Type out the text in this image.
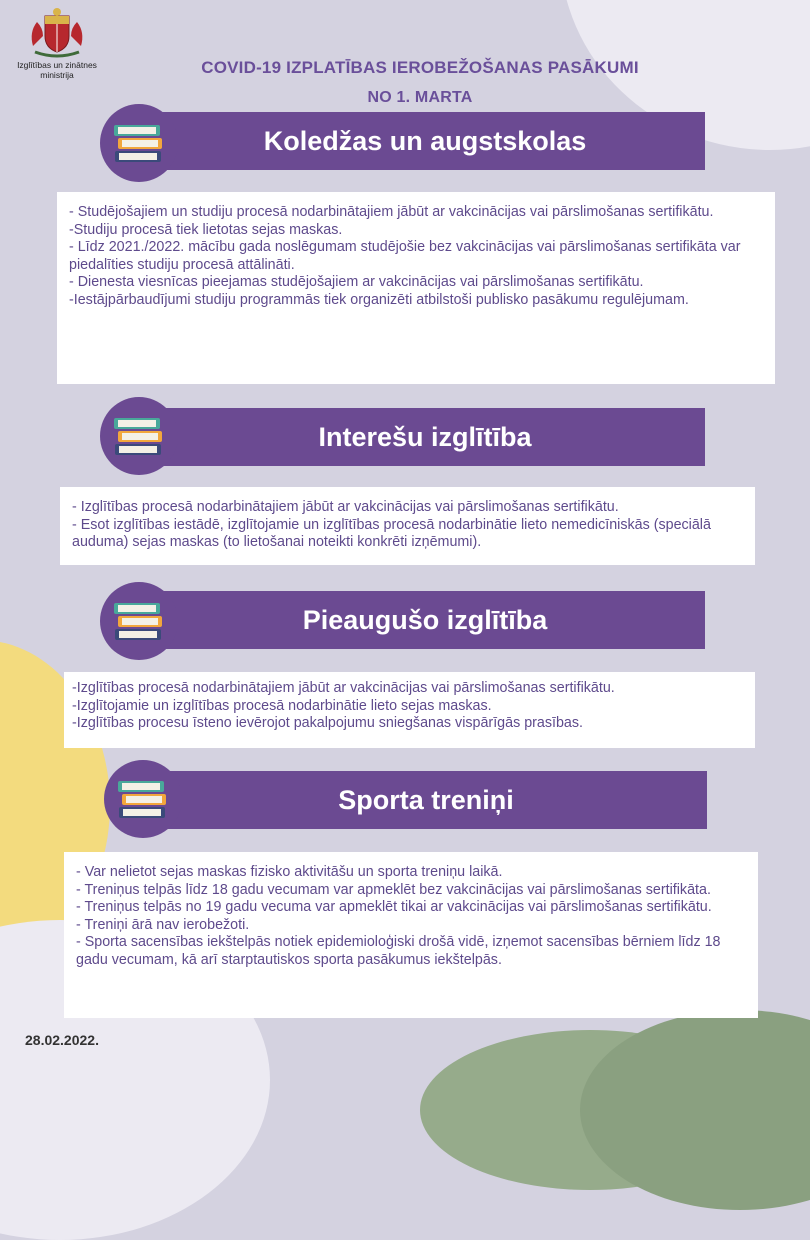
Izglītības un zinātnes
ministrija	COVID-19 IZPLATĪBAS IEROBEŽOŠANAS PASĀKUMI
NO 1. MARTA
Koledžas un augstskolas
- Studējošajiem un studiju procesā nodarbinātajiem jābūt ar vakcinācijas vai pārslimošanas sertifikātu.
-Studiju procesā tiek lietotas sejas maskas.
- Līdz 2021./2022. mācību gada noslēgumam studējošie bez vakcinācijas vai pārslimošanas sertifikāta var piedalīties studiju procesā attālināti.
- Dienesta viesnīcas pieejamas studējošajiem ar vakcinācijas vai pārslimošanas sertifikātu.
-Iestājpārbaudījumi studiju programmās tiek organizēti atbilstoši publisko pasākumu regulējumam.
Interešu izglītība
- Izglītības procesā nodarbinātajiem jābūt ar vakcinācijas vai pārslimošanas sertifikātu.
- Esot izglītības iestādē, izglītojamie un izglītības procesā nodarbinātie lieto nemedicīniskās (speciālā auduma) sejas maskas (to lietošanai noteikti konkrēti izņēmumi).
Pieaugušo izglītība
-Izglītības procesā nodarbinātajiem jābūt ar vakcinācijas vai pārslimošanas sertifikātu.
-Izglītojamie un izglītības procesā nodarbinātie lieto sejas maskas.
-Izglītības procesu īsteno ievērojot pakalpojumu sniegšanas vispārīgās prasības.
Sporta treniņi
- Var nelietot sejas maskas fizisko aktivitāšu un sporta treniņu laikā.
- Treniņus telpās līdz 18 gadu vecumam var apmeklēt bez vakcinācijas vai pārslimošanas sertifikāta.
- Treniņus telpās no 19 gadu vecuma var apmeklēt tikai ar vakcinācijas vai pārslimošanas sertifikātu.
- Treniņi ārā nav ierobežoti.
- Sporta sacensības iekštelpās notiek epidemioloģiski drošā vidē, izņemot sacensības bērniem līdz 18 gadu vecumam, kā arī starptautiskos sporta pasākumus iekštelpās.
28.02.2022.
